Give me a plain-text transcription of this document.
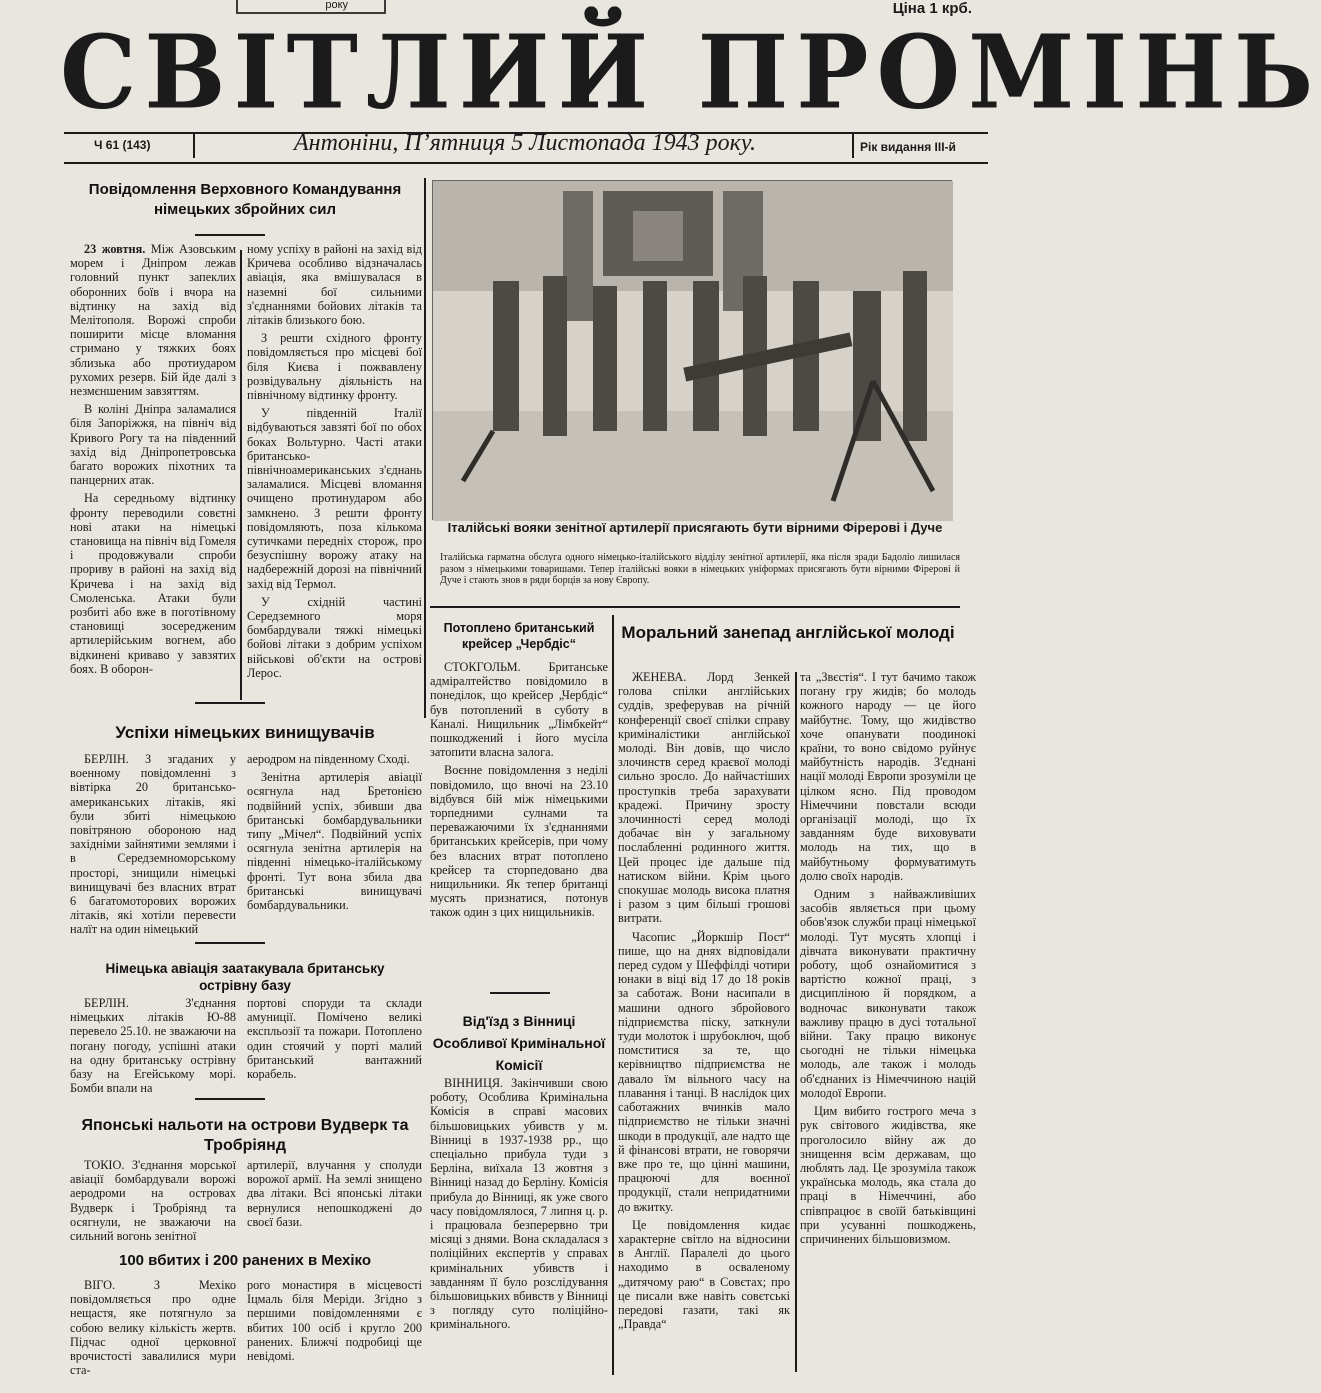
року	Ціна 1 крб.
СВІТЛИЙ ПРОМІНЬ
Ч 61 (143)	Антоніни, П’ятниця 5 Листопада 1943 року.	Рік видання III-й
Повідомлення Верховного Командування німецьких збройних сил

23 жовтня. Між Азовським морем і Дніпром лежав головний пункт запеклих оборонних боїв і вчора на відтинку на захід від Мелітополя. Ворожі спроби поширити місце вломання стримано у тяжких боях зблизька або протиударом рухомих резерв. Бій йде далі з незмєншеним завзяттям.

В коліні Дніпра заламалися біля Запоріжжя, на північ від Кривого Рогу та на південний захід від Дніпропетровська багато ворожих піхотних та панцерних атак.

На середньому відтинку фронту переводили совєтні нові атаки на німецькі становища на північ від Гомеля і продовжували спроби прориву в районі на захід від Кричева і на захід від Смоленська. Атаки були розбиті або вже в поготівному становищі зосередженим артилерійським вогнем, або відкинені криваво у завзятих боях. В оборон-

ному успіху в районі на захід від Кричева особливо відзначалась авіація, яка вмішувалася в наземні бої сильними з'єднаннями бойових літаків та літаків близького бою.

З решти східного фронту повідомляється про місцеві бої біля Києва і пожвавлену розвідувальну діяльність на північному відтинку фронту.

У південній Італії відбуваються завзяті бої по обох боках Вольтурно. Часті атаки британсько-північноамериканських з'єднань заламалися. Місцеві вломання очищено протинударом або замкнено. З решти фронту повідомляють, поза кількома сутичками передніх сторож, про безуспішну ворожу атаку на надбережній дорозі на північний захід від Термол.

У східній частині Середземного моря бомбардували тяжкі німецькі бойові літаки з добрим успіхом військові об'єкти на острові Лерос.

Успіхи німецьких винищувачів

БЕРЛІН. З згаданих у военному повідомленні з вівтірка 20 британсько-американських літаків, які були збиті німецькою повітряною обороною над західніми зайнятими землями і в Середземноморському просторі, знищили німецькі винищувачі без власних втрат 6 багатомоторових ворожих літаків, які хотіли перевести налїт на один німецький

аеродром на південному Сході.

Зенітна артилерія авіації осягнула над Бретонією подвійний успіх, збивши два британські бомбардувальники типу „Мічел“. Подвійний успіх осягнула зенітна артилерія на південні німецько-італійському фронті. Тут вона збила два британські винищувачі бомбардувальники.

Німецька авіація заатакувала британську острівну базу

БЕРЛІН. З'єднання німецьких літаків Ю-88 перевело 25.10. не зважаючи на погану погоду, успішні атаки на одну британську острівну базу на Егейському морі. Бомби впали на

портові споруди та склади амуниції. Помічено великі експльозії та пожари. Потоплено один стоячий у порті малий британський вантажний корабель.

Японські нальоти на острови Вудверк та Тробріянд

ТОКІО. З'єднання морської авіації бомбардували ворожі аеродроми на островах Вудверк і Тробріянд та осягнули, не зважаючи на сильний вогонь зенітної

артилерії, влучання у сполуди ворожої армії. На землі знищено два літаки. Всі японські літаки вернулися непошкоджені до своєї бази.

100 вбитих і 200 ранених в Мехіко

ВІГО. З Мехіко повідомляється про одне нещастя, яке потягнуло за собою велику кількість жертв. Підчас одної церковної врочистості завалилися мури ста-

рого монастиря в місцевості Іцмаль біля Меріди. Згідно з першими повідомленнями є вбитих 100 осіб і кругло 200 ранених. Ближчі подробиці ще невідомі.

Італійські вояки зенітної артилерії присягають бути вірними Фірерові і Дуче
Італійська гарматна обслуга одного німецько-італійського відділу зенітної артилерії, яка після зради Бадоліо лишилася разом з німецькими товаришами. Тепер італійські вояки в німецьких уніформах присягають бути вірними Фірерові й Дуче і стають знов в ряди борців за нову Європу.
Потоплено британський крейсер „Чербдіс“

СТОКГОЛЬМ. Британське адміралтейство повідомило в понеділок, що крейсер „Чербдіс“ був потоплений в суботу в Каналі. Нищильник „Лімбкейт“ пошкоджений і його мусіла затопити власна залога.

Воєнне повідомлення з неділі повідомило, що вночі на 23.10 відбувся бій між німецькими торпедними сулнами та переважаючими їх з'єднаннями британських крейсерів, при чому без власних втрат потоплено крейсер та сторпедовано два нищильники. Як тепер британці мусять признатися, потонув також один з цих нищильників.

Від'їзд з Вінниці Особливої Кримінальної Комісії

ВІННИЦЯ. Закінчивши свою роботу, Особлива Кримінальна Комісія в справі масових більшовицьких убивств у м. Вінниці в 1937-1938 рр., що спеціально прибула туди з Берліна, виїхала 13 жовтня з Вінниці назад до Берліну. Комісія прибула до Вінниці, як уже свого часу повідомлялося, 7 липня ц. р. і працювала безперервно три місяці з днями. Вона складалася з поліційних експертів у справах кримінальних убивств і завданням її було розслідування більшовицьких вбивств у Вінниці з погляду суто поліційно-кримінального.

Моральний занепад англійської молоді

ЖЕНЕВА. Лорд Зенкей голова спілки англійських суддів, зреферував на річній конференції своєї спілки справу криміналістики англійської молоді. Він довів, що число злочинств серед краєвої молоді сильно зросло. До найчастіших проступків треба зарахувати крадежі. Причину зросту злочинності серед молоді добачає він у загальному послабленні родинного життя. Цей процес іде дальше під натиском війни. Крім цього спокушає молодь висока платня і разом з цим більші грошові витрати.

Часопис „Йоркшір Пост“ пише, що на днях відповідали перед судом у Шеффілді чотири юнаки в віці від 17 до 18 років за саботаж. Вони насипали в машини одного збройового підприємства піску, заткнули туди молоток і шрубоключ, щоб помститися за те, що керівництво підприємства не давало їм вільного часу на плавання і танці. В наслідок цих саботажних вчинків мало підприємство не тільки значні шкоди в продукції, але надто ще й фінансові втрати, не говорячи вже про те, що цінні машини, працюючі для воєнної продукції, стали непридатними до вжитку.

Це повідомлення кидає характерне світло на відносини в Англії. Паралелі до цього находимо в осваленому „дитячому раю“ в Совєтах; про це писали вже навіть совєтські передові газати, такі як „Правда“

та „Звєстія“. І тут бачимо також погану гру жидів; бо молодь кожного народу — це його майбутнє. Тому, що жидівство хоче опанувати поодинокі країни, то воно свідомо руйнує майбутність народів. З'єднані нації молоді Европи зрозуміли це цілком ясно. Під проводом Німеччини повстали всюди організації молоді, що їх завданням буде виховувати молодь на тих, що в майбутньому формуватимуть долю своїх народів.

Одним з найважливіших засобів являється при цьому обов'язок служби праці німецької молоді. Тут мусять хлопці і дівчата виконувати практичну роботу, щоб ознайомитися з вартістю кожної праці, з дисципліною й порядком, а водночас виконувати також важливу працю в дусі тотальної війни. Таку працю виконує сьогодні не тільки німецька молодь, але також і молодь об'єднаних із Німеччиною націй молодої Европи.

Цим вибито гострого меча з рук світового жидівства, яке проголосило війну аж до знищення всім державам, що люблять лад. Це зрозуміла також українська молодь, яка стала до праці в Німеччині, або співпрацює в своїй батьківщині при усуванні пошкоджень, спричинених більшовизмом.
